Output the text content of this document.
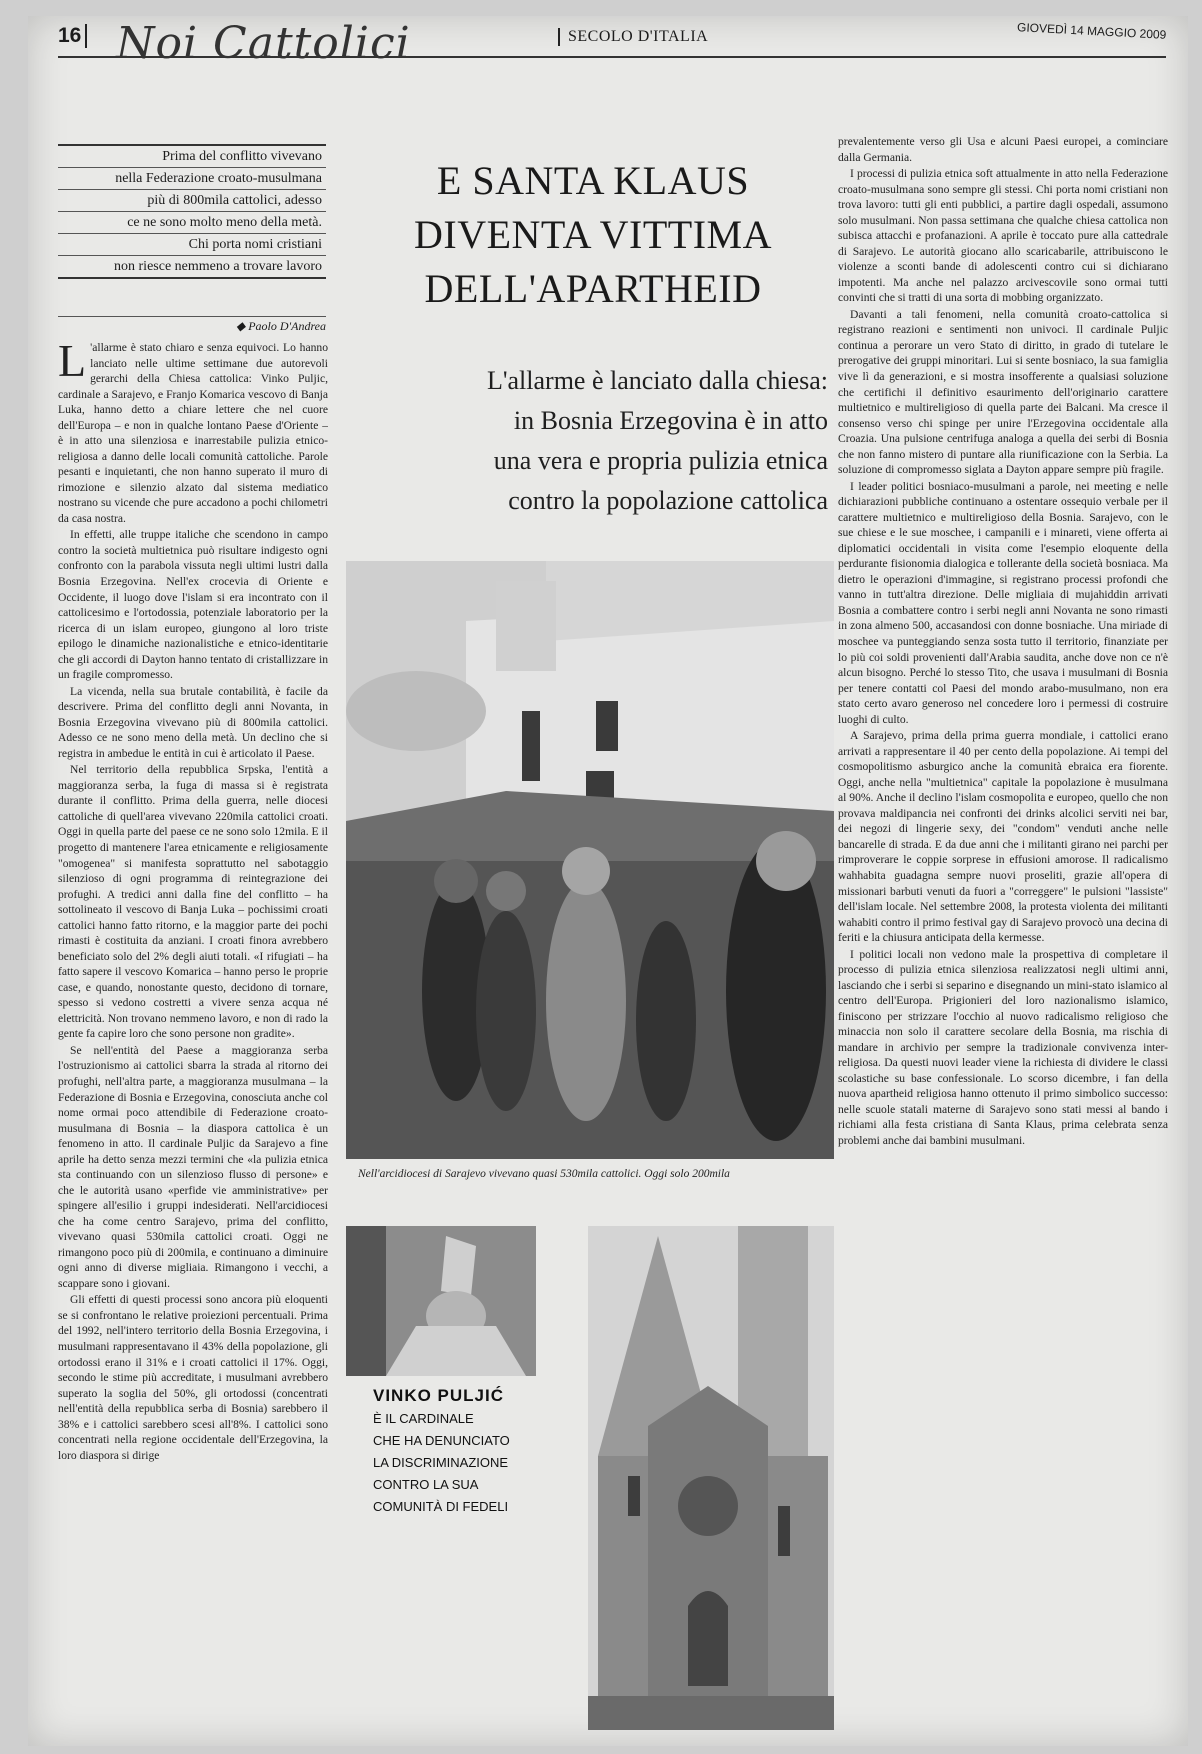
16 Noi Cattolici	SECOLO D'ITALIA	GIOVEDÌ 14 MAGGIO 2009
Prima del conflitto vivevano
nella Federazione croato-musulmana
più di 800mila cattolici, adesso
ce ne sono molto meno della metà.
Chi porta nomi cristiani
non riesce nemmeno a trovare lavoro
◆ Paolo D'Andrea

L 'allarme è stato chiaro e senza equivoci. Lo hanno lanciato nelle ultime settimane due autorevoli gerarchi della Chiesa cattolica: Vinko Puljic, cardinale a Sarajevo, e Franjo Komarica vescovo di Banja Luka, hanno detto a chiare lettere che nel cuore dell'Europa – e non in qualche lontano Paese d'Oriente – è in atto una silenziosa e inarrestabile pulizia etnico-religiosa a danno delle locali comunità cattoliche. Parole pesanti e inquietanti, che non hanno superato il muro di rimozione e silenzio alzato dal sistema mediatico nostrano su vicende che pure accadono a pochi chilometri da casa nostra.

In effetti, alle truppe italiche che scendono in campo contro la società multietnica può risultare indigesto ogni confronto con la parabola vissuta negli ultimi lustri dalla Bosnia Erzegovina. Nell'ex crocevia di Oriente e Occidente, il luogo dove l'islam si era incontrato con il cattolicesimo e l'ortodossia, potenziale laboratorio per la ricerca di un islam europeo, giungono al loro triste epilogo le dinamiche nazionalistiche e etnico-identitarie che gli accordi di Dayton hanno tentato di cristallizzare in un fragile compromesso.

La vicenda, nella sua brutale contabilità, è facile da descrivere. Prima del conflitto degli anni Novanta, in Bosnia Erzegovina vivevano più di 800mila cattolici. Adesso ce ne sono meno della metà. Un declino che si registra in ambedue le entità in cui è articolato il Paese.

Nel territorio della repubblica Srpska, l'entità a maggioranza serba, la fuga di massa si è registrata durante il conflitto. Prima della guerra, nelle diocesi cattoliche di quell'area vivevano 220mila cattolici croati. Oggi in quella parte del paese ce ne sono solo 12mila. E il progetto di mantenere l'area etnicamente e religiosamente "omogenea" si manifesta soprattutto nel sabotaggio silenzioso di ogni programma di reintegrazione dei profughi. A tredici anni dalla fine del conflitto – ha sottolineato il vescovo di Banja Luka – pochissimi croati cattolici hanno fatto ritorno, e la maggior parte dei pochi rimasti è costituita da anziani. I croati finora avrebbero beneficiato solo del 2% degli aiuti totali. «I rifugiati – ha fatto sapere il vescovo Komarica – hanno perso le proprie case, e quando, nonostante questo, decidono di tornare, spesso si vedono costretti a vivere senza acqua né elettricità. Non trovano nemmeno lavoro, e non di rado la gente fa capire loro che sono persone non gradite».

Se nell'entità del Paese a maggioranza serba l'ostruzionismo ai cattolici sbarra la strada al ritorno dei profughi, nell'altra parte, a maggioranza musulmana – la Federazione di Bosnia e Erzegovina, conosciuta anche col nome ormai poco attendibile di Federazione croato-musulmana di Bosnia – la diaspora cattolica è un fenomeno in atto. Il cardinale Puljic da Sarajevo a fine aprile ha detto senza mezzi termini che «la pulizia etnica sta continuando con un silenzioso flusso di persone» e che le autorità usano «perfide vie amministrative» per spingere all'esilio i gruppi indesiderati. Nell'arcidiocesi che ha come centro Sarajevo, prima del conflitto, vivevano quasi 530mila cattolici croati. Oggi ne rimangono poco più di 200mila, e continuano a diminuire ogni anno di diverse migliaia. Rimangono i vecchi, a scappare sono i giovani.

Gli effetti di questi processi sono ancora più eloquenti se si confrontano le relative proiezioni percentuali. Prima del 1992, nell'intero territorio della Bosnia Erzegovina, i musulmani rappresentavano il 43% della popolazione, gli ortodossi erano il 31% e i croati cattolici il 17%. Oggi, secondo le stime più accreditate, i musulmani avrebbero superato la soglia del 50%, gli ortodossi (concentrati nell'entità della repubblica serba di Bosnia) sarebbero il 38% e i cattolici sarebbero scesi all'8%. I cattolici sono concentrati nella regione occidentale dell'Erzegovina, la loro diaspora si dirige

E SANTA KLAUS
DIVENTA VITTIMA
DELL'APARTHEID
L'allarme è lanciato dalla chiesa:
in Bosnia Erzegovina è in atto
una vera e propria pulizia etnica
contro la popolazione cattolica
Nell'arcidiocesi di Sarajevo vivevano quasi 530mila cattolici. Oggi solo 200mila
VINKO PULJIĆ
È IL CARDINALE
CHE HA DENUNCIATO
LA DISCRIMINAZIONE
CONTRO LA SUA
COMUNITÀ DI FEDELI

prevalentemente verso gli Usa e alcuni Paesi europei, a cominciare dalla Germania.

I processi di pulizia etnica soft attualmente in atto nella Federazione croato-musulmana sono sempre gli stessi. Chi porta nomi cristiani non trova lavoro: tutti gli enti pubblici, a partire dagli ospedali, assumono solo musulmani. Non passa settimana che qualche chiesa cattolica non subisca attacchi e profanazioni. A aprile è toccato pure alla cattedrale di Sarajevo. Le autorità giocano allo scaricabarile, attribuiscono le violenze a sconti bande di adolescenti contro cui si dichiarano impotenti. Ma anche nel palazzo arcivescovile sono ormai tutti convinti che si tratti di una sorta di mobbing organizzato.

Davanti a tali fenomeni, nella comunità croato-cattolica si registrano reazioni e sentimenti non univoci. Il cardinale Puljic continua a perorare un vero Stato di diritto, in grado di tutelare le prerogative dei gruppi minoritari. Lui si sente bosniaco, la sua famiglia vive lì da generazioni, e si mostra insofferente a qualsiasi soluzione che certifichi il definitivo esaurimento dell'originario carattere multietnico e multireligioso di quella parte dei Balcani. Ma cresce il consenso verso chi spinge per unire l'Erzegovina occidentale alla Croazia. Una pulsione centrifuga analoga a quella dei serbi di Bosnia che non fanno mistero di puntare alla riunificazione con la Serbia. La soluzione di compromesso siglata a Dayton appare sempre più fragile.

I leader politici bosniaco-musulmani a parole, nei meeting e nelle dichiarazioni pubbliche continuano a ostentare ossequio verbale per il carattere multietnico e multireligioso della Bosnia. Sarajevo, con le sue chiese e le sue moschee, i campanili e i minareti, viene offerta ai diplomatici occidentali in visita come l'esempio eloquente della perdurante fisionomia dialogica e tollerante della società bosniaca. Ma dietro le operazioni d'immagine, si registrano processi profondi che vanno in tutt'altra direzione. Delle migliaia di mujahiddin arrivati Bosnia a combattere contro i serbi negli anni Novanta ne sono rimasti in zona almeno 500, accasandosi con donne bosniache. Una miriade di moschee va punteggiando senza sosta tutto il territorio, finanziate per lo più coi soldi provenienti dall'Arabia saudita, anche dove non ce n'è alcun bisogno. Perché lo stesso Tito, che usava i musulmani di Bosnia per tenere contatti col Paesi del mondo arabo-musulmano, non era stato certo avaro generoso nel concedere loro i permessi di costruire luoghi di culto.

A Sarajevo, prima della prima guerra mondiale, i cattolici erano arrivati a rappresentare il 40 per cento della popolazione. Ai tempi del cosmopolitismo asburgico anche la comunità ebraica era fiorente. Oggi, anche nella "multietnica" capitale la popolazione è musulmana al 90%. Anche il declino l'islam cosmopolita e europeo, quello che non provava maldipancia nei confronti dei drinks alcolici serviti nei bar, dei negozi di lingerie sexy, dei "condom" venduti anche nelle bancarelle di strada. E da due anni che i militanti girano nei parchi per rimproverare le coppie sorprese in effusioni amorose. Il radicalismo wahhabita guadagna sempre nuovi proseliti, grazie all'opera di missionari barbuti venuti da fuori a "correggere" le pulsioni "lassiste" dell'islam locale. Nel settembre 2008, la protesta violenta dei militanti wahabiti contro il primo festival gay di Sarajevo provocò una decina di feriti e la chiusura anticipata della kermesse.

I politici locali non vedono male la prospettiva di completare il processo di pulizia etnica silenziosa realizzatosi negli ultimi anni, lasciando che i serbi si separino e disegnando un mini-stato islamico al centro dell'Europa. Prigionieri del loro nazionalismo islamico, finiscono per strizzare l'occhio al nuovo radicalismo religioso che minaccia non solo il carattere secolare della Bosnia, ma rischia di mandare in archivio per sempre la tradizionale convivenza inter-religiosa. Da questi nuovi leader viene la richiesta di dividere le classi scolastiche su base confessionale. Lo scorso dicembre, i fan della nuova apartheid religiosa hanno ottenuto il primo simbolico successo: nelle scuole statali materne di Sarajevo sono stati messi al bando i richiami alla festa cristiana di Santa Klaus, prima celebrata senza problemi anche dai bambini musulmani.
